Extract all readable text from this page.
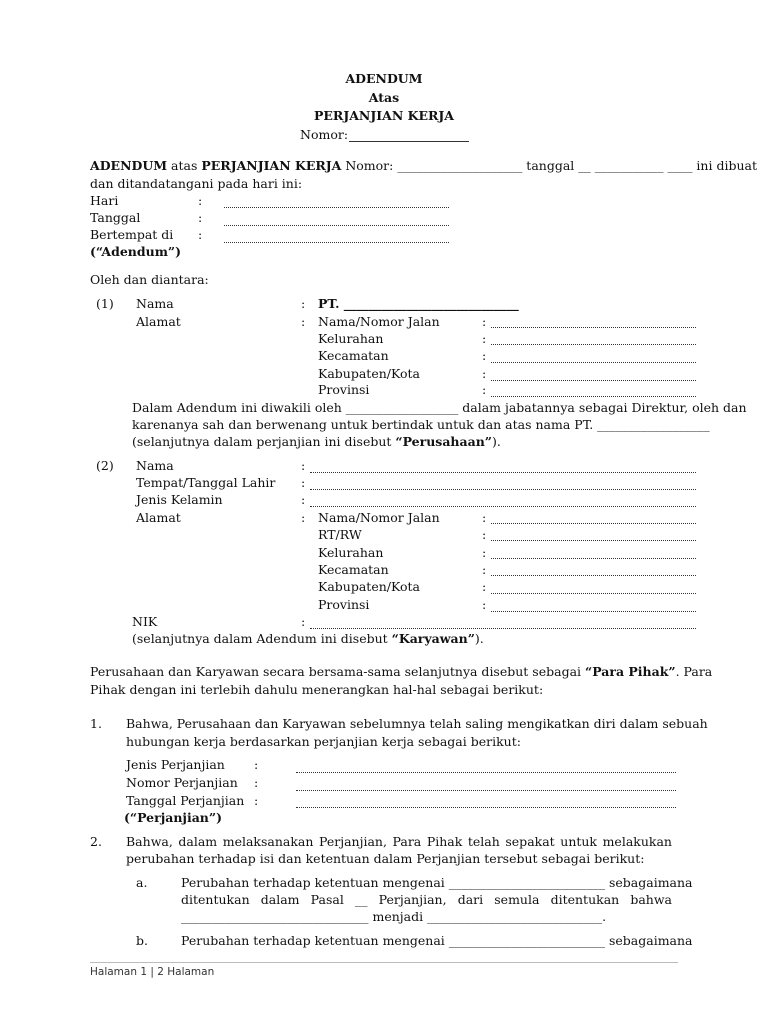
ADENDUM
Atas
PERJANJIAN KERJA
Nomor:
ADENDUM atas PERJANJIAN KERJA Nomor: ____________________ tanggal __ ___________ ____ ini dibuat
dan ditandatangani pada hari ini:
Hari	:
Tanggal	:
Bertempat di :
(“Adendum”)
Oleh dan diantara:
(1) Nama	: PT. ____________________________
Alamat	: Nama/Nomor Jalan	:
Kelurahan	:
Kecamatan	:
Kabupaten/Kota	:
Provinsi	:
Dalam Adendum ini diwakili oleh __________________ dalam jabatannya sebagai Direktur, oleh dan
karenanya sah dan berwenang untuk bertindak untuk dan atas nama PT. __________________
(selanjutnya dalam perjanjian ini disebut “Perusahaan”).
(2) Nama	:
Tempat/Tanggal Lahir :
Jenis Kelamin	:
Alamat	: Nama/Nomor Jalan	:
RT/RW	:
Kelurahan	:
Kecamatan	:
Kabupaten/Kota	:
Provinsi	:
NIK	:
(selanjutnya dalam Adendum ini disebut “Karyawan”).
Perusahaan dan Karyawan secara bersama-sama selanjutnya disebut sebagai “Para Pihak”. Para
Pihak dengan ini terlebih dahulu menerangkan hal-hal sebagai berikut:
1. Bahwa, Perusahaan dan Karyawan sebelumnya telah saling mengikatkan diri dalam sebuah
hubungan kerja berdasarkan perjanjian kerja sebagai berikut:
Jenis Perjanjian :
Nomor Perjanjian :
Tanggal Perjanjian :
(“Perjanjian”)
2. Bahwa, dalam melaksanakan Perjanjian, Para Pihak telah sepakat untuk melakukan
perubahan terhadap isi dan ketentuan dalam Perjanjian tersebut sebagai berikut:
a.	Perubahan terhadap ketentuan mengenai _________________________ sebagaimana
ditentukan dalam Pasal __ Perjanjian, dari semula ditentukan bahwa
______________________________ menjadi ____________________________.
b.	Perubahan terhadap ketentuan mengenai _________________________ sebagaimana
Halaman 1 | 2 Halaman
